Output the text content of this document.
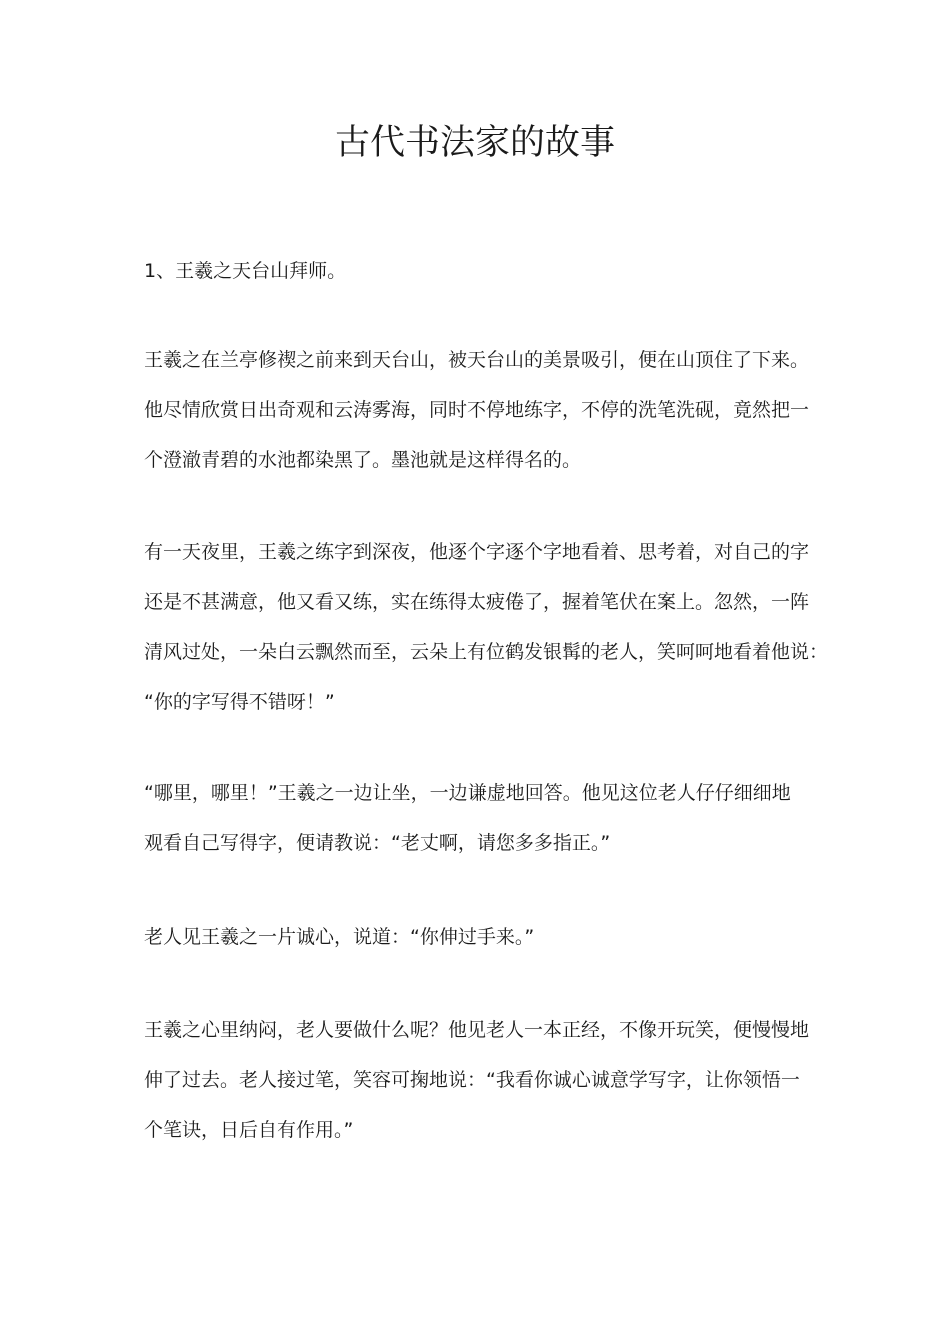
古代书法家的故事

1、王羲之天台山拜师。

王羲之在兰亭修禊之前来到天台山，被天台山的美景吸引，便在山顶住了下来。
他尽情欣赏日出奇观和云涛雾海，同时不停地练字，不停的洗笔洗砚，竟然把一
个澄澈青碧的水池都染黑了。墨池就是这样得名的。
有一天夜里，王羲之练字到深夜，他逐个字逐个字地看着、思考着，对自己的字
还是不甚满意，他又看又练，实在练得太疲倦了，握着笔伏在案上。忽然，一阵
清风过处，一朵白云飘然而至，云朵上有位鹤发银髯的老人，笑呵呵地看着他说：
“你的字写得不错呀！”
“哪里，哪里！”王羲之一边让坐，一边谦虚地回答。他见这位老人仔仔细细地
观看自己写得字，便请教说：“老丈啊，请您多多指正。”
老人见王羲之一片诚心，说道：“你伸过手来。”
王羲之心里纳闷，老人要做什么呢？他见老人一本正经，不像开玩笑，便慢慢地
伸了过去。老人接过笔，笑容可掬地说：“我看你诚心诚意学写字，让你领悟一
个笔诀，日后自有作用。”
